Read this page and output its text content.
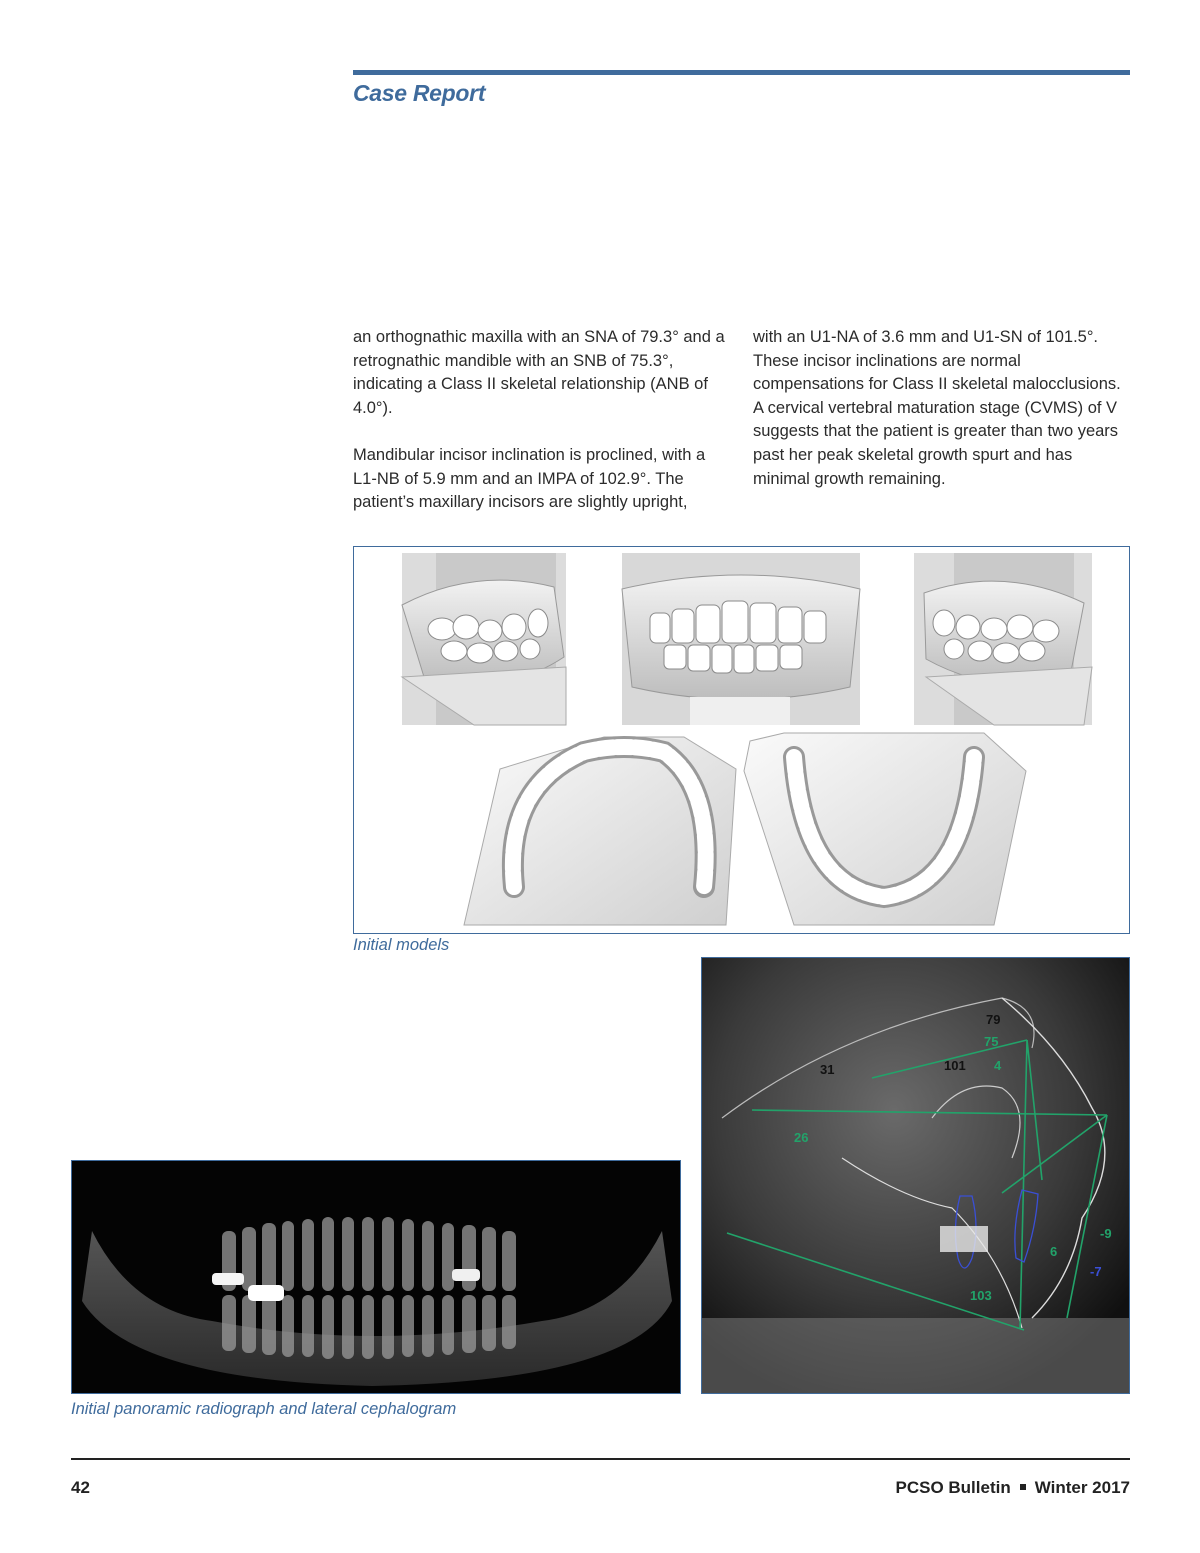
Case Report

an orthognathic maxilla with an SNA of 79.3° and a retrognathic mandible with an SNB of 75.3°, indicating a Class II skeletal relationship (ANB of 4.0°).

Mandibular incisor inclination is proclined, with a L1-NB of 5.9 mm and an IMPA of 102.9°. The patient’s maxillary incisors are slightly upright,

with an U1-NA of 3.6 mm and U1-SN of 101.5°. These incisor inclinations are normal compensations for Class II skeletal malocclusions. A cervical vertebral maturation stage (CVMS) of V suggests that the patient is greater than two years past her peak skeletal growth spurt and has minimal growth remaining.

Initial models
79
75
4
31	101
26
103
6
-9
-7
Initial panoramic radiograph and lateral cephalogram
42	PCSO Bulletin Winter 2017
